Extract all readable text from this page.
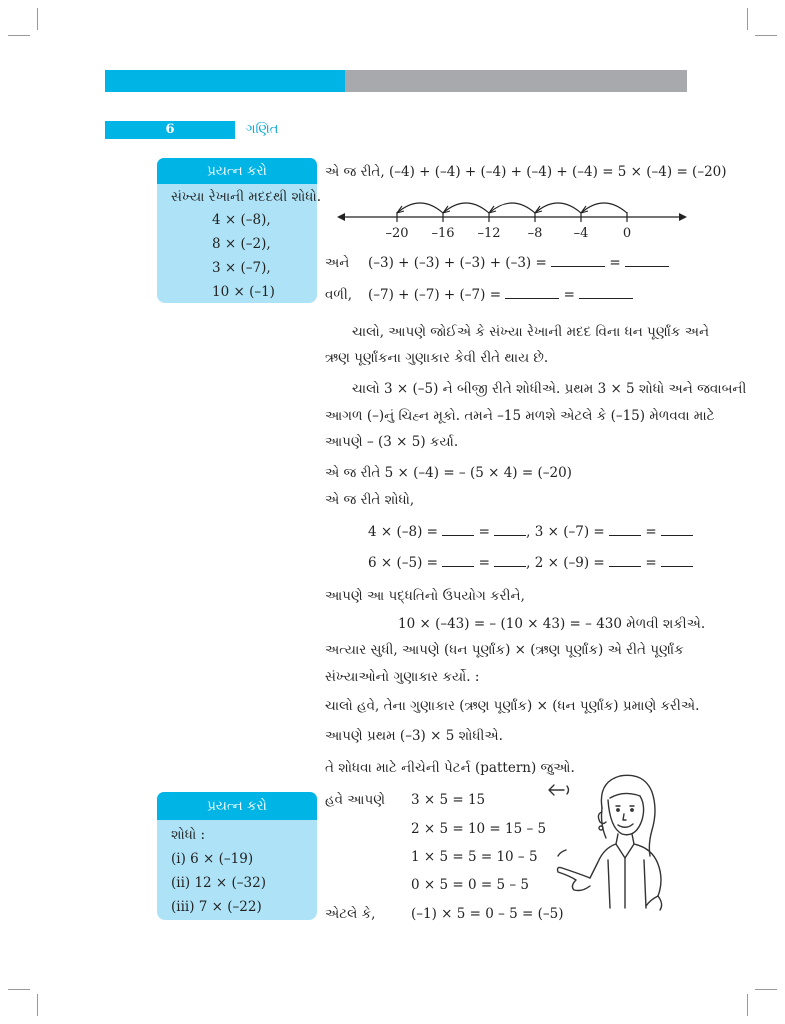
6	ગણિત
પ્રયત્ન કરો
સંખ્યા રેખાની મદદથી શોધો.
4 × (–8),
8 × (–2),
3 × (–7),
10 × (–1)
એ જ રીતે, (–4) + (–4) + (–4) + (–4) + (–4) = 5 × (–4) = (–20)
–20 –16 –12 –8 –4	0
અને (–3) + (–3) + (–3) + (–3) =	=
વળી, (–7) + (–7) + (–7) =	=
ચાલો, આપણે જોઈએ કે સંખ્યા રેખાની મદદ વિના ધન પૂર્ણાંક અને
ઋણ પૂર્ણાંકના ગુણાકાર કેવી રીતે થાય છે.
ચાલો 3 × (–5) ને બીજી રીતે શોધીએ. પ્રથમ 3 × 5 શોધો અને જવાબની
આગળ (–)નું ચિહ્ન મૂકો. તમને –15 મળશે એટલે કે (–15) મેળવવા માટે
આપણે – (3 × 5) કર્યા.
એ જ રીતે 5 × (–4) = – (5 × 4) = (–20)
એ જ રીતે શોધો,
4 × (–8) =	=	, 3 × (–7) =	=
6 × (–5) =	=	, 2 × (–9) =	=
આપણે આ પદ્ધતિનો ઉપયોગ કરીને,
10 × (–43) = – (10 × 43) = – 430 મેળવી શકીએ.
અત્યાર સુધી, આપણે (ધન પૂર્ણાંક) × (ઋણ પૂર્ણાંક) એ રીતે પૂર્ણાંક
સંખ્યાઓનો ગુણાકાર કર્યો. :
ચાલો હવે, તેના ગુણાકાર (ઋણ પૂર્ણાંક) × (ધન પૂર્ણાંક) પ્રમાણે કરીએ.
આપણે પ્રથમ (–3) × 5 શોધીએ.
તે શોધવા માટે નીચેની પેટર્ન (pattern) જુઓ.
હવે આપણે 3 × 5 = 15
2 × 5 = 10 = 15 – 5
1 × 5 = 5 = 10 – 5
0 × 5 = 0 = 5 – 5
એટલે કે,	(–1) × 5 = 0 – 5 = (–5)
પ્રયત્ન કરો
શોધો :
(i) 6 × (–19)
(ii) 12 × (–32)
(iii) 7 × (–22)
